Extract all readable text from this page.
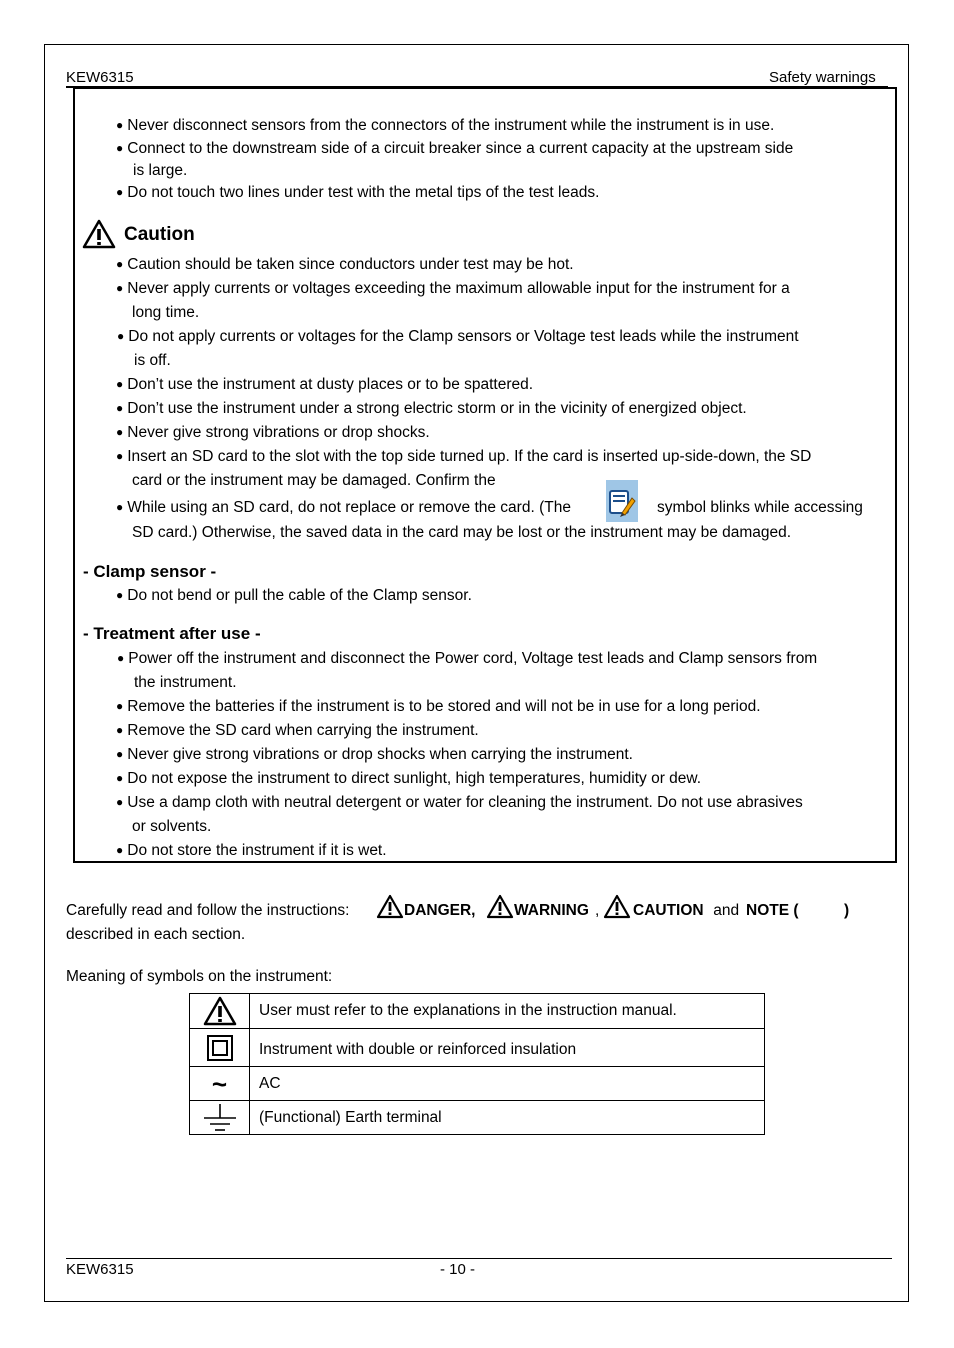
KEW6315	Safety warnings
● Never disconnect sensors from the connectors of the instrument while the instrument is in use.
● Connect to the downstream side of a circuit breaker since a current capacity at the upstream side
is large.
● Do not touch two lines under test with the metal tips of the test leads.
Caution
● Caution should be taken since conductors under test may be hot.
● Never apply currents or voltages exceeding the maximum allowable input for the instrument for a
long time.
● Do not apply currents or voltages for the Clamp sensors or Voltage test leads while the instrument
is off.
● Don’t use the instrument at dusty places or to be spattered.
● Don’t use the instrument under a strong electric storm or in the vicinity of energized object.
● Never give strong vibrations or drop shocks.
● Insert an SD card to the slot with the top side turned up. If the card is inserted up-side-down, the SD
card or the instrument may be damaged. Confirm the
● While using an SD card, do not replace or remove the card. (The	symbol blinks while accessing
SD card.) Otherwise, the saved data in the card may be lost or the instrument may be damaged.
- Clamp sensor -
● Do not bend or pull the cable of the Clamp sensor.
- Treatment after use -
● Power off the instrument and disconnect the Power cord, Voltage test leads and Clamp sensors from
the instrument.
● Remove the batteries if the instrument is to be stored and will not be in use for a long period.
● Remove the SD card when carrying the instrument.
● Never give strong vibrations or drop shocks when carrying the instrument.
● Do not expose the instrument to direct sunlight, high temperatures, humidity or dew.
● Use a damp cloth with neutral detergent or water for cleaning the instrument. Do not use abrasives
or solvents.
● Do not store the instrument if it is wet.
Carefully read and follow the instructions:	DANGER, WARNING , CAUTION and NOTE (	)
described in each section.
Meaning of symbols on the instrument:
	User must refer to the explanations in the instruction manual.

	Instrument with double or reinforced insulation
~	AC

	(Functional) Earth terminal
KEW6315	- 10 -
